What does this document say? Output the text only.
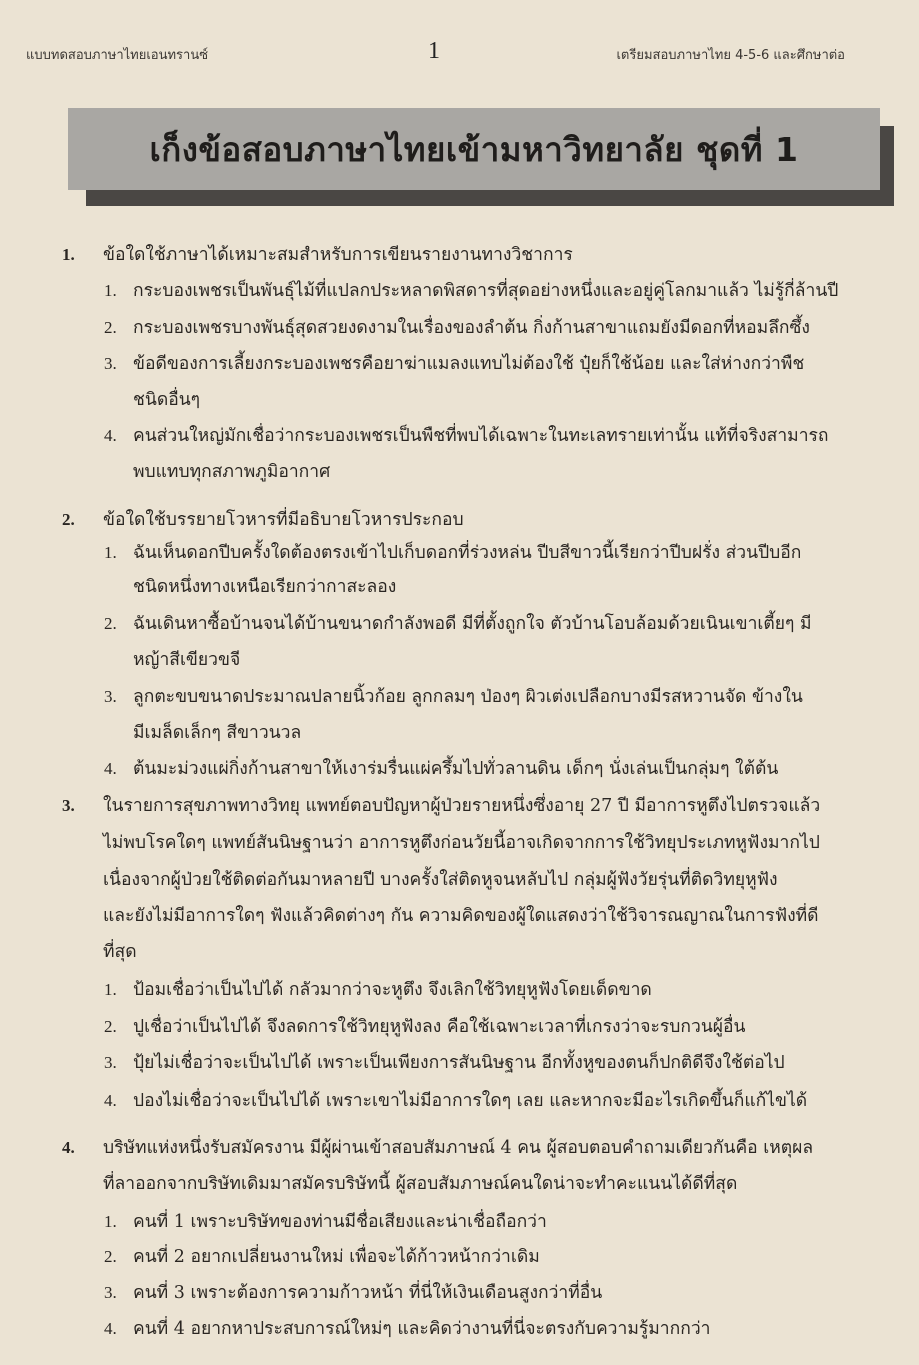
แบบทดสอบภาษาไทยเอนทรานซ์	1	เตรียมสอบภาษาไทย 4-5-6 และศึกษาต่อ
เก็งข้อสอบภาษาไทยเข้ามหาวิทยาลัย ชุดที่ 1
1. ข้อใดใช้ภาษาได้เหมาะสมสำหรับการเขียนรายงานทางวิชาการ
1. กระบองเพชรเป็นพันธุ์ไม้ที่แปลกประหลาดพิสดารที่สุดอย่างหนึ่งและอยู่คู่โลกมาแล้ว ไม่รู้กี่ล้านปี
2. กระบองเพชรบางพันธุ์สุดสวยงดงามในเรื่องของลำต้น กิ่งก้านสาขาแถมยังมีดอกที่หอมลึกซึ้ง
3. ข้อดีของการเลี้ยงกระบองเพชรคือยาฆ่าแมลงแทบไม่ต้องใช้ ปุ๋ยก็ใช้น้อย และใส่ห่างกว่าพืช
ชนิดอื่นๆ
4. คนส่วนใหญ่มักเชื่อว่ากระบองเพชรเป็นพืชที่พบได้เฉพาะในทะเลทรายเท่านั้น แท้ที่จริงสามารถ
พบแทบทุกสภาพภูมิอากาศ
2. ข้อใดใช้บรรยายโวหารที่มีอธิบายโวหารประกอบ
1. ฉันเห็นดอกปีบครั้งใดต้องตรงเข้าไปเก็บดอกที่ร่วงหล่น ปีบสีขาวนี้เรียกว่าปีบฝรั่ง ส่วนปีบอีก
ชนิดหนึ่งทางเหนือเรียกว่ากาสะลอง
2. ฉันเดินหาซื้อบ้านจนได้บ้านขนาดกำลังพอดี มีที่ตั้งถูกใจ ตัวบ้านโอบล้อมด้วยเนินเขาเตี้ยๆ มี
หญ้าสีเขียวขจี
3. ลูกตะขบขนาดประมาณปลายนิ้วก้อย ลูกกลมๆ ป่องๆ ผิวเต่งเปลือกบางมีรสหวานจัด ข้างใน
มีเมล็ดเล็กๆ สีขาวนวล
4. ต้นมะม่วงแผ่กิ่งก้านสาขาให้เงาร่มรื่นแผ่ครึ้มไปทั่วลานดิน เด็กๆ นั่งเล่นเป็นกลุ่มๆ ใต้ต้น
3. ในรายการสุขภาพทางวิทยุ แพทย์ตอบปัญหาผู้ป่วยรายหนึ่งซึ่งอายุ 27 ปี มีอาการหูตึงไปตรวจแล้ว
ไม่พบโรคใดๆ แพทย์สันนิษฐานว่า อาการหูตึงก่อนวัยนี้อาจเกิดจากการใช้วิทยุประเภทหูฟังมากไป
เนื่องจากผู้ป่วยใช้ติดต่อกันมาหลายปี บางครั้งใส่ติดหูจนหลับไป กลุ่มผู้ฟังวัยรุ่นที่ติดวิทยุหูฟัง
และยังไม่มีอาการใดๆ ฟังแล้วคิดต่างๆ กัน ความคิดของผู้ใดแสดงว่าใช้วิจารณญาณในการฟังที่ดี
ที่สุด
1. ป้อมเชื่อว่าเป็นไปได้ กลัวมากว่าจะหูตึง จึงเลิกใช้วิทยุหูฟังโดยเด็ดขาด
2. ปูเชื่อว่าเป็นไปได้ จึงลดการใช้วิทยุหูฟังลง คือใช้เฉพาะเวลาที่เกรงว่าจะรบกวนผู้อื่น
3. ปุ้ยไม่เชื่อว่าจะเป็นไปได้ เพราะเป็นเพียงการสันนิษฐาน อีกทั้งหูของตนก็ปกติดีจึงใช้ต่อไป
4. ปองไม่เชื่อว่าจะเป็นไปได้ เพราะเขาไม่มีอาการใดๆ เลย และหากจะมีอะไรเกิดขึ้นก็แก้ไขได้
4. บริษัทแห่งหนึ่งรับสมัครงาน มีผู้ผ่านเข้าสอบสัมภาษณ์ 4 คน ผู้สอบตอบคำถามเดียวกันคือ เหตุผล
ที่ลาออกจากบริษัทเดิมมาสมัครบริษัทนี้ ผู้สอบสัมภาษณ์คนใดน่าจะทำคะแนนได้ดีที่สุด
1. คนที่ 1 เพราะบริษัทของท่านมีชื่อเสียงและน่าเชื่อถือกว่า
2. คนที่ 2 อยากเปลี่ยนงานใหม่ เพื่อจะได้ก้าวหน้ากว่าเดิม
3. คนที่ 3 เพราะต้องการความก้าวหน้า ที่นี่ให้เงินเดือนสูงกว่าที่อื่น
4. คนที่ 4 อยากหาประสบการณ์ใหม่ๆ และคิดว่างานที่นี่จะตรงกับความรู้มากกว่า
